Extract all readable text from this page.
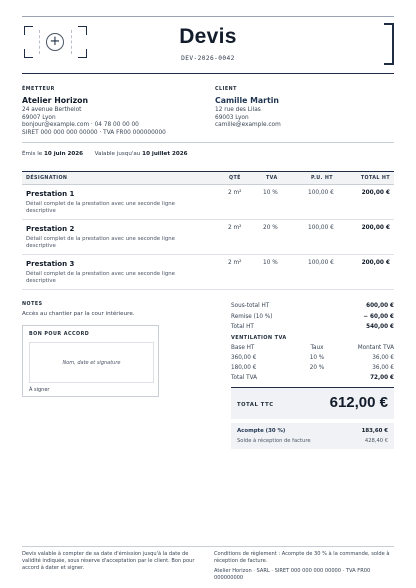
+	Devis
DEV-2026-0042
ÉMETTEUR
Atelier Horizon
24 avenue Berthelot
69007 Lyon
bonjour@example.com · 04 78 00 00 00
SIRET 000 000 000 00000 · TVA FR00 000000000
CLIENT
Camille Martin
12 rue des Lilas
69003 Lyon
camille@example.com
Émis le 10 juin 2026 Valable jusqu'au 10 juillet 2026
DÉSIGNATION	QTÉ	TVA	P.U. HT	TOTAL HT
Prestation 1
Détail complet de la prestation avec une seconde ligne descriptive
2 m²	10 %	100,00 €	200,00 €
Prestation 2
Détail complet de la prestation avec une seconde ligne descriptive
2 m²	20 %	100,00 €	200,00 €
Prestation 3
Détail complet de la prestation avec une seconde ligne descriptive
2 m²	10 %	100,00 €	200,00 €
NOTES
Accès au chantier par la cour intérieure.
BON POUR ACCORD
Nom, date et signature
À signer
Sous-total HT	600,00 €
Remise (10 %)	− 60,00 €
Total HT	540,00 €
VENTILATION TVA
Base HT	Taux	Montant TVA
360,00 €	10 %	36,00 €
180,00 €	20 %	36,00 €
Total TVA	72,00 €
TOTAL TTC	612,00 €
Acompte (30 %)	183,60 €
Solde à réception de facture	428,40 €
Devis valable à compter de sa date d'émission jusqu'à la date de validité indiquée, sous réserve d'acceptation par le client. Bon pour accord à dater et signer.
Conditions de règlement : Acompte de 30 % à la commande, solde à réception de facture.
Atelier Horizon · SARL · SIRET 000 000 000 00000 · TVA FR00 000000000
